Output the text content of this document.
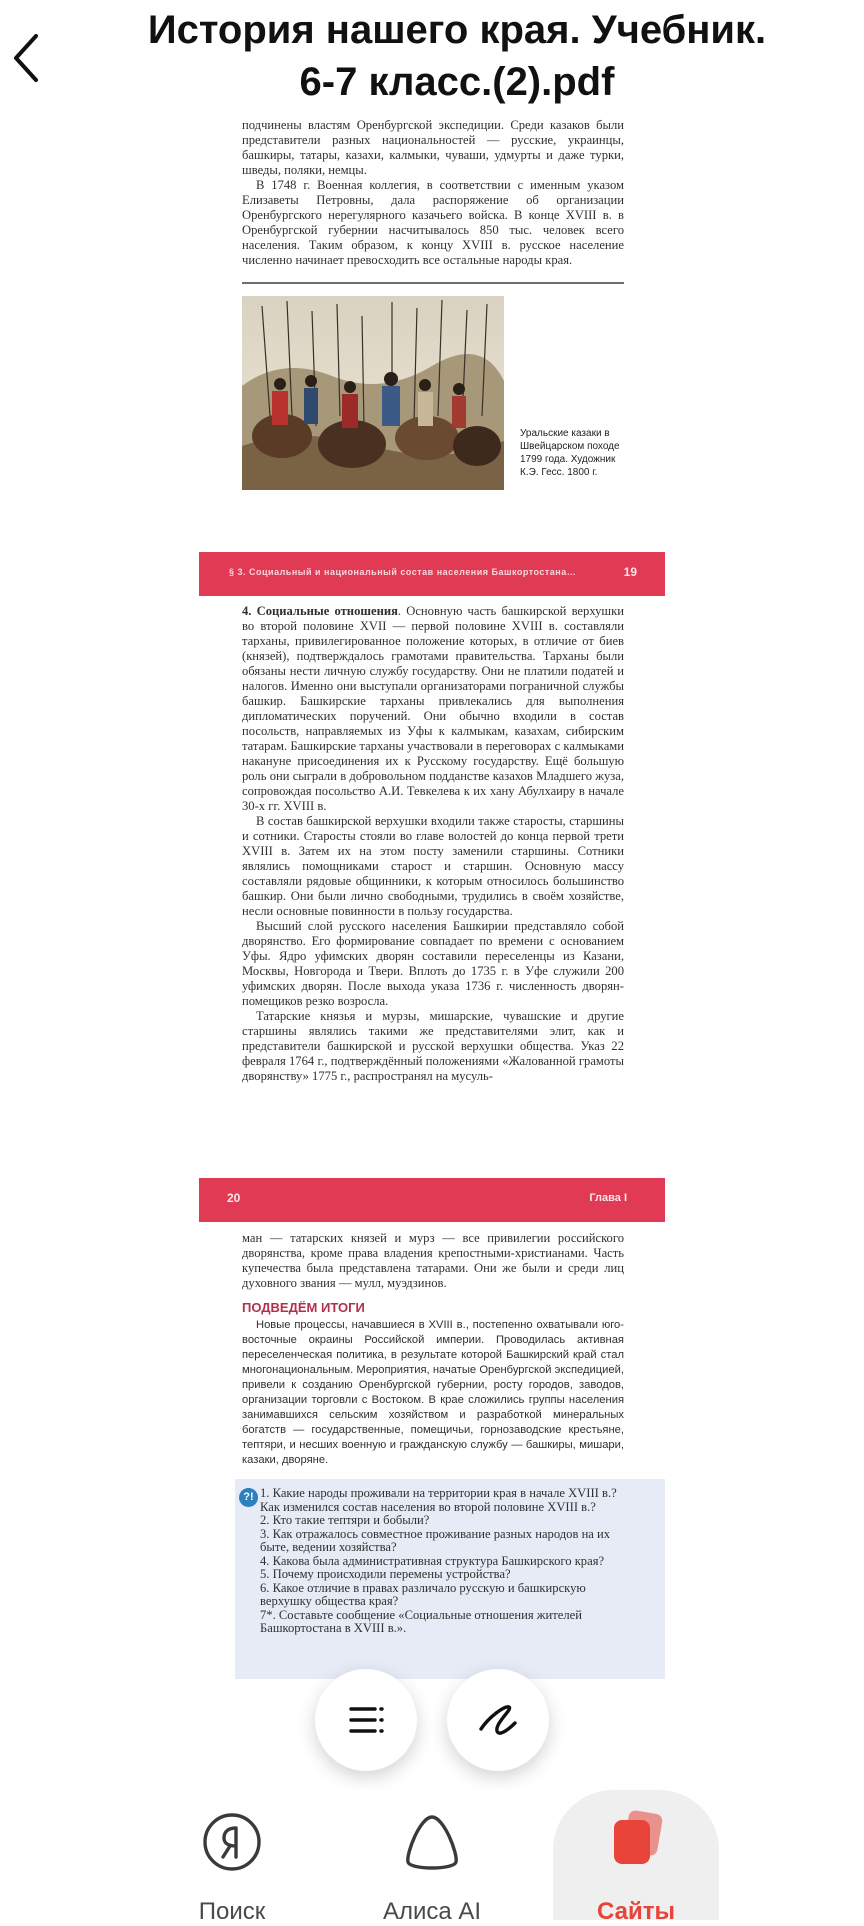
История нашего края. Учебник.
6-7 класс.(2).pdf

подчинены властям Оренбургской экспедиции. Среди казаков были представители разных национальностей — русские, украинцы, башкиры, татары, казахи, калмыки, чуваши, удмурты и даже турки, шведы, поляки, немцы.

В 1748 г. Военная коллегия, в соответствии с именным указом Елизаветы Петровны, дала распоряжение об организации Оренбургского нерегулярного казачьего войска. В конце XVIII в. в Оренбургской губернии насчитывалось 850 тыс. человек всего населения. Таким образом, к концу XVIII в. русское население численно начинает превосходить все остальные народы края.

Уральские казаки в Швейцарском походе 1799 года. Художник К.Э. Гесс. 1800 г.
§ 3. Социальный и национальный состав населения Башкортостана…	19

4. Социальные отношения. Основную часть башкирской верхушки во второй половине XVII — первой половине XVIII в. составляли тарханы, привилегированное положение которых, в отличие от биев (князей), подтверждалось грамотами правительства. Тарханы были обязаны нести личную службу государству. Они не платили податей и налогов. Именно они выступали организаторами пограничной службы башкир. Башкирские тарханы привлекались для выполнения дипломатических поручений. Они обычно входили в состав посольств, направляемых из Уфы к калмыкам, казахам, сибирским татарам. Башкирские тарханы участвовали в переговорах с калмыками накануне присоединения их к Русскому государству. Ещё большую роль они сыграли в добровольном подданстве казахов Младшего жуза, сопровождая посольство А.И. Тевкелева к их хану Абулхаиру в начале 30-х гг. XVIII в.

В состав башкирской верхушки входили также старосты, старшины и сотники. Старосты стояли во главе волостей до конца первой трети XVIII в. Затем их на этом посту заменили старшины. Сотники являлись помощниками старост и старшин. Основную массу составляли рядовые общинники, к которым относилось большинство башкир. Они были лично свободными, трудились в своём хозяйстве, несли основные повинности в пользу государства.

Высший слой русского населения Башкирии представляло собой дворянство. Его формирование совпадает по времени с основанием Уфы. Ядро уфимских дворян составили переселенцы из Казани, Москвы, Новгорода и Твери. Вплоть до 1735 г. в Уфе служили 200 уфимских дворян. После выхода указа 1736 г. численность дворян-помещиков резко возросла.

Татарские князья и мурзы, мишарские, чувашские и другие старшины являлись такими же представителями элит, как и представители башкирской и русской верхушки общества. Указ 22 февраля 1764 г., подтверждённый положениями «Жалованной грамоты дворянству» 1775 г., распространял на мусуль-

20	Глава I

ман — татарских князей и мурз — все привилегии российского дворянства, кроме права владения крепостными-христианами. Часть купечества была представлена татарами. Они же были и среди лиц духовного звания — мулл, муэдзинов.

ПОДВЕДЁМ ИТОГИ

Новые процессы, начавшиеся в XVIII в., постепенно охватывали юго-восточные окраины Российской империи. Проводилась активная переселенческая политика, в результате которой Башкирский край стал многонациональным. Мероприятия, начатые Оренбургской экспедицией, привели к созданию Оренбургской губернии, росту городов, заводов, организации торговли с Востоком. В крае сложились группы населения занимавшихся сельским хозяйством и разработкой минеральных богатств — государственные, помещичьи, горнозаводские крестьяне, тептяри, и несших военную и гражданскую службу — башкиры, мишари, казаки, дворяне.

?! 1. Какие народы проживали на территории края в начале XVIII в.? Как изменился состав населения во второй половине XVIII в.?
2. Кто такие тептяри и бобыли?
3. Как отражалось совместное проживание разных народов на их быте, ведении хозяйства?
4. Какова была административная структура Башкирского края?
5. Почему происходили перемены устройства?
6. Какое отличие в правах различало русскую и башкирскую верхушку общества края?
7*. Составьте сообщение «Социальные отношения жителей Башкортостана в XVIII в.».
Поиск	Алиса AI	Сайты
